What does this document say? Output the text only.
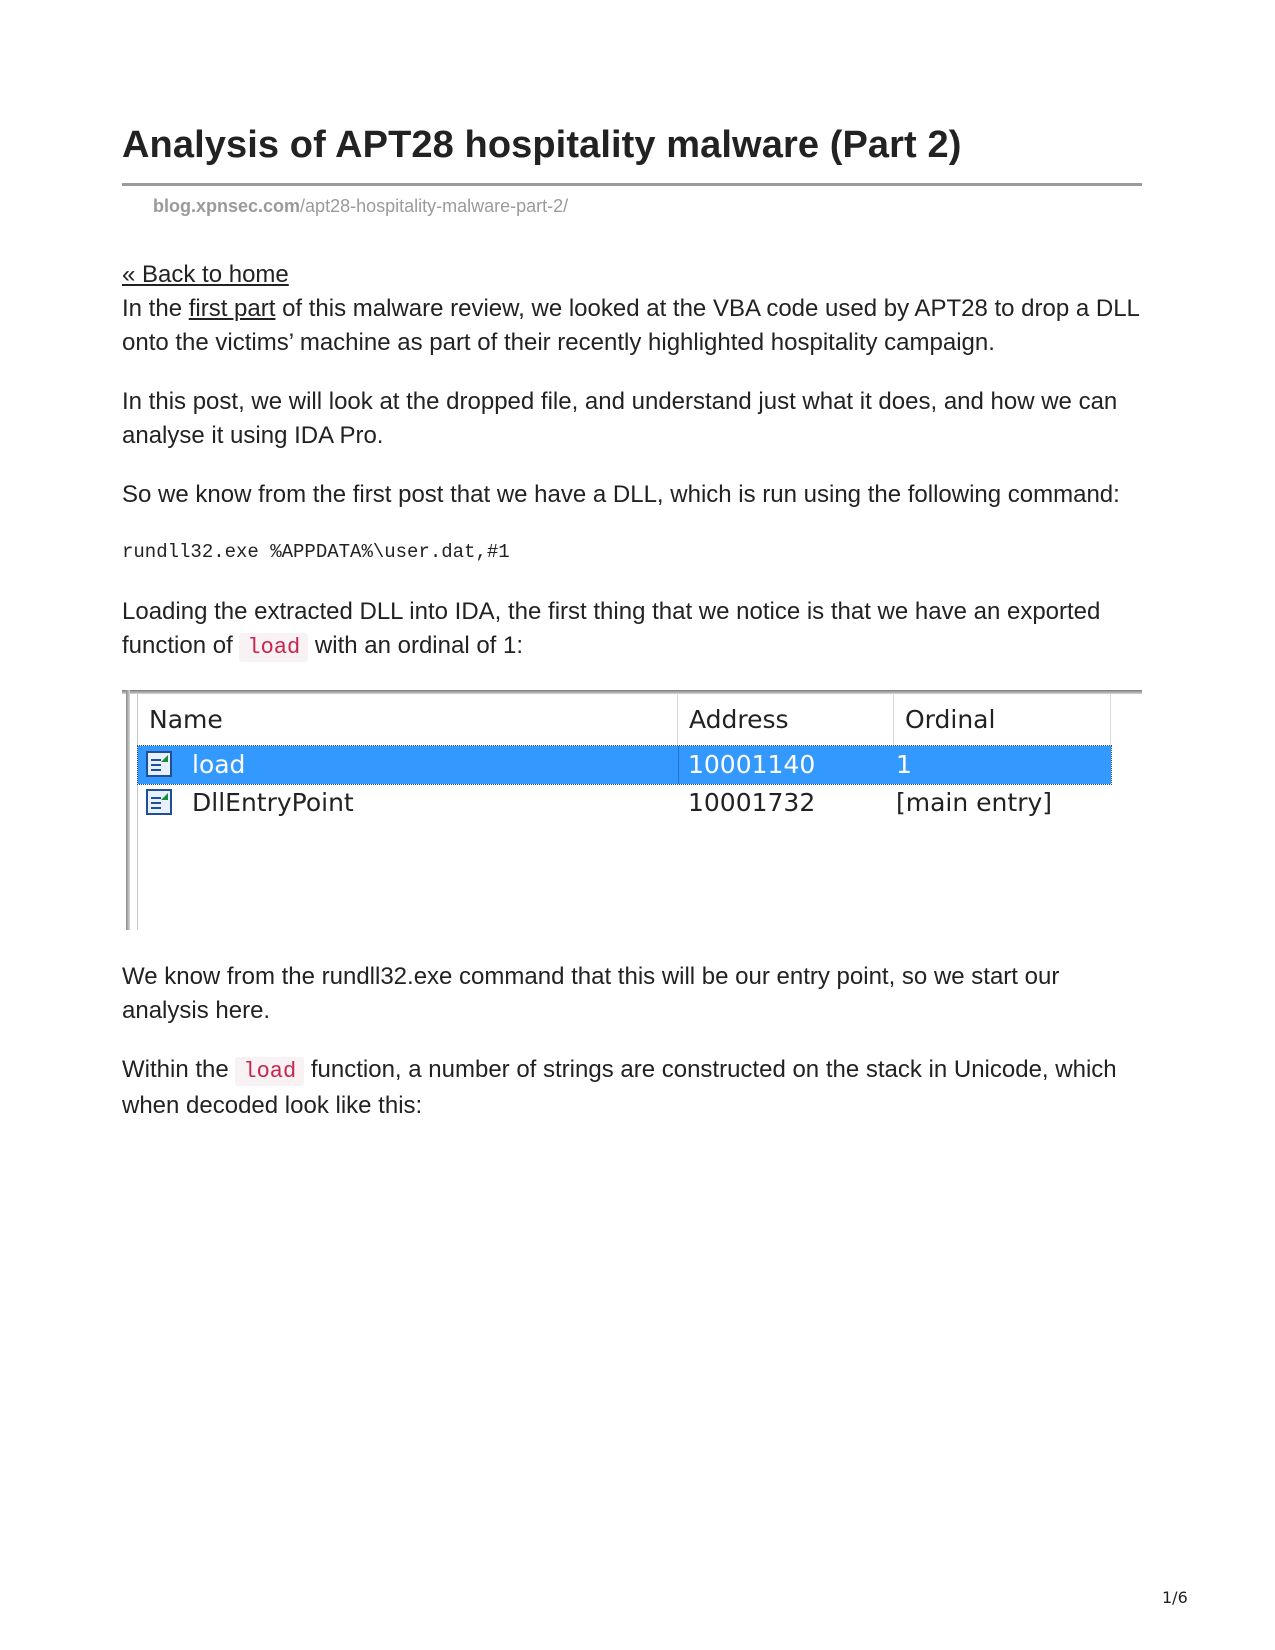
Analysis of APT28 hospitality malware (Part 2)
blog.xpnsec.com/apt28-hospitality-malware-part-2/
« Back to home

In the first part of this malware review, we looked at the VBA code used by APT28 to drop a DLL onto the victims’ machine as part of their recently highlighted hospitality campaign.

In this post, we will look at the dropped file, and understand just what it does, and how we can analyse it using IDA Pro.

So we know from the first post that we have a DLL, which is run using the following command:

rundll32.exe %APPDATA%\user.dat,#1

Loading the extracted DLL into IDA, the first thing that we notice is that we have an exported function of load with an ordinal of 1:

Name	Address	Ordinal
load	10001140	1
DllEntryPoint	10001732	[main entry]

We know from the rundll32.exe command that this will be our entry point, so we start our analysis here.

Within the load function, a number of strings are constructed on the stack in Unicode, which when decoded look like this:

1/6
